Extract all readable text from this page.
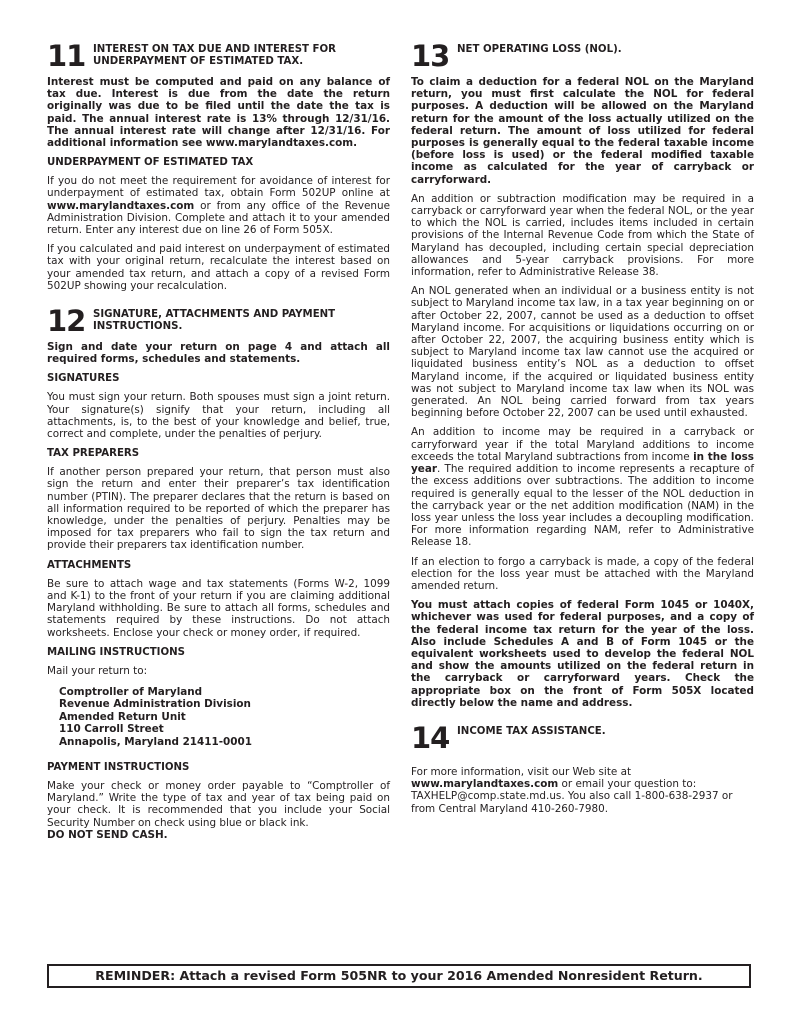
11 INTEREST ON TAX DUE AND INTEREST FOR UNDERPAYMENT OF ESTIMATED TAX.

Interest must be computed and paid on any balance of tax due. Interest is due from the date the return originally was due to be filed until the date the tax is paid. The annual interest rate is 13% through 12/31/16. The annual interest rate will change after 12/31/16. For additional information see www.marylandtaxes.com.

UNDERPAYMENT OF ESTIMATED TAX

If you do not meet the requirement for avoidance of interest for underpayment of estimated tax, obtain Form 502UP online at www.marylandtaxes.com or from any office of the Revenue Administration Division. Complete and attach it to your amended return. Enter any interest due on line 26 of Form 505X.

If you calculated and paid interest on underpayment of estimated tax with your original return, recalculate the interest based on your amended tax return, and attach a copy of a revised Form 502UP showing your recalculation.

12 SIGNATURE, ATTACHMENTS AND PAYMENT INSTRUCTIONS.

Sign and date your return on page 4 and attach all required forms, schedules and statements.

SIGNATURES

You must sign your return. Both spouses must sign a joint return. Your signature(s) signify that your return, including all attachments, is, to the best of your knowledge and belief, true, correct and complete, under the penalties of perjury.

TAX PREPARERS

If another person prepared your return, that person must also sign the return and enter their preparer’s tax identification number (PTIN). The preparer declares that the return is based on all information required to be reported of which the preparer has knowledge, under the penalties of perjury. Penalties may be imposed for tax preparers who fail to sign the tax return and provide their preparers tax identification number.

ATTACHMENTS

Be sure to attach wage and tax statements (Forms W-2, 1099 and K-1) to the front of your return if you are claiming additional Maryland withholding. Be sure to attach all forms, schedules and statements required by these instructions. Do not attach worksheets. Enclose your check or money order, if required.

MAILING INSTRUCTIONS

Mail your return to:

Comptroller of Maryland
Revenue Administration Division
Amended Return Unit
110 Carroll Street
Annapolis, Maryland 21411-0001
PAYMENT INSTRUCTIONS

Make your check or money order payable to “Comptroller of Maryland.” Write the type of tax and year of tax being paid on your check. It is recommended that you include your Social Security Number on check using blue or black ink.
DO NOT SEND CASH.

13 NET OPERATING LOSS (NOL).

To claim a deduction for a federal NOL on the Maryland return, you must first calculate the NOL for federal purposes. A deduction will be allowed on the Maryland return for the amount of the loss actually utilized on the federal return. The amount of loss utilized for federal purposes is generally equal to the federal taxable income (before loss is used) or the federal modified taxable income as calculated for the year of carryback or carryforward.

An addition or subtraction modification may be required in a carryback or carryforward year when the federal NOL, or the year to which the NOL is carried, includes items included in certain provisions of the Internal Revenue Code from which the State of Maryland has decoupled, including certain special depreciation allowances and 5-year carryback provisions. For more information, refer to Administrative Release 38.

An NOL generated when an individual or a business entity is not subject to Maryland income tax law, in a tax year beginning on or after October 22, 2007, cannot be used as a deduction to offset Maryland income. For acquisitions or liquidations occurring on or after October 22, 2007, the acquiring business entity which is subject to Maryland income tax law cannot use the acquired or liquidated business entity’s NOL as a deduction to offset Maryland income, if the acquired or liquidated business entity was not subject to Maryland income tax law when its NOL was generated. An NOL being carried forward from tax years beginning before October 22, 2007 can be used until exhausted.

An addition to income may be required in a carryback or carryforward year if the total Maryland additions to income exceeds the total Maryland subtractions from income in the loss year. The required addition to income represents a recapture of the excess additions over subtractions. The addition to income required is generally equal to the lesser of the NOL deduction in the carryback year or the net addition modification (NAM) in the loss year unless the loss year includes a decoupling modification. For more information regarding NAM, refer to Administrative Release 18.

If an election to forgo a carryback is made, a copy of the federal election for the loss year must be attached with the Maryland amended return.

You must attach copies of federal Form 1045 or 1040X, whichever was used for federal purposes, and a copy of the federal income tax return for the year of the loss. Also include Schedules A and B of Form 1045 or the equivalent worksheets used to develop the federal NOL and show the amounts utilized on the federal return in the carryback or carryforward years. Check the appropriate box on the front of Form 505X located directly below the name and address.

14 INCOME TAX ASSISTANCE.

For more information, visit our Web site at
www.marylandtaxes.com or email your question to:
TAXHELP@comp.state.md.us. You also call 1-800-638-2937 or from Central Maryland 410-260-7980.

REMINDER: Attach a revised Form 505NR to your 2016 Amended Nonresident Return.
